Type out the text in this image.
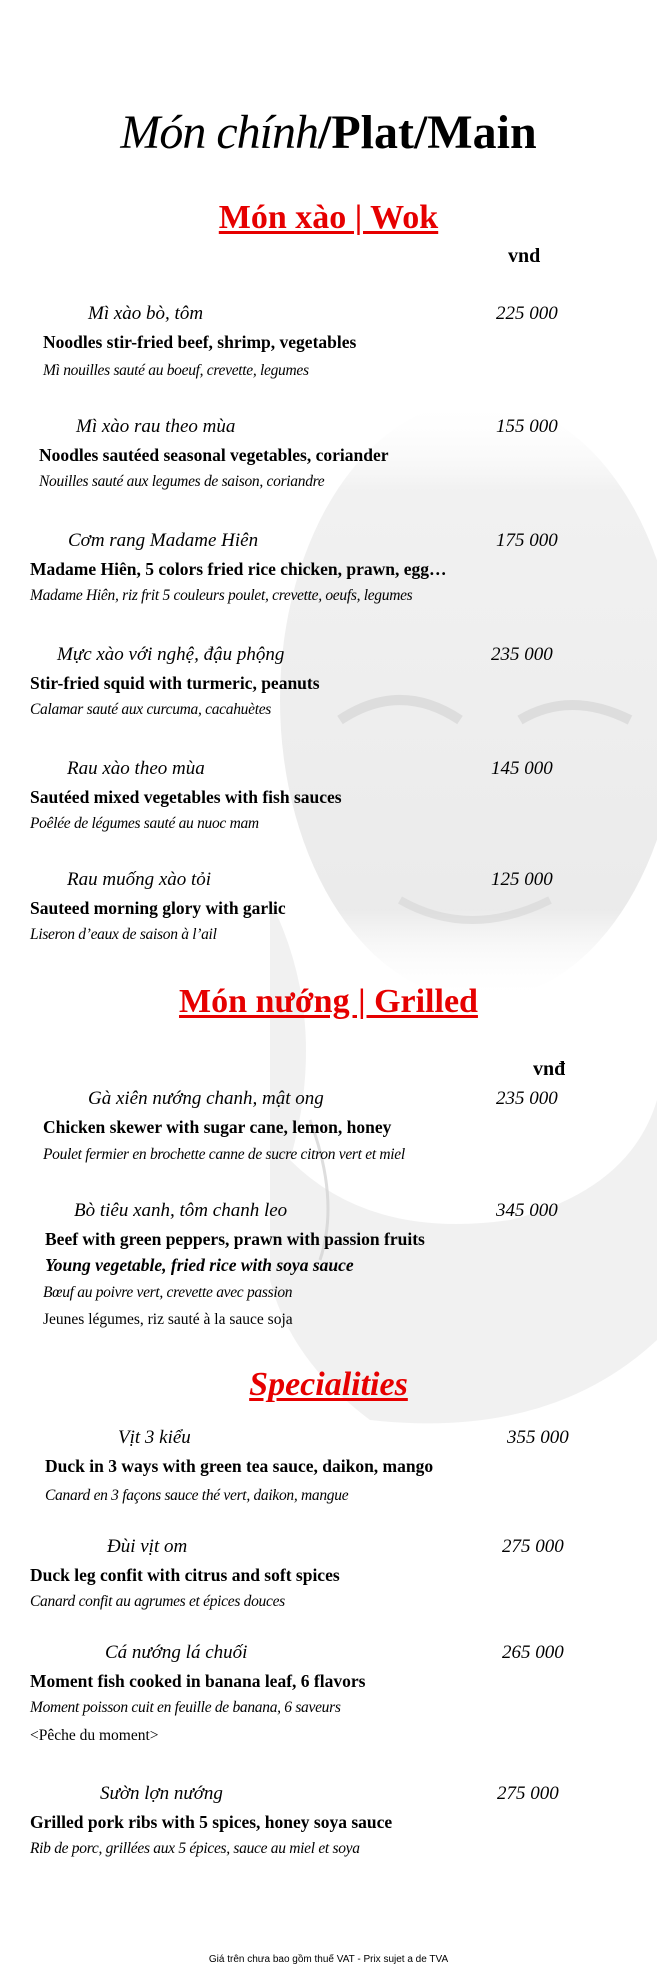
Món chính/Plat/Main
Món xào | Wok
vnd
Mì xào bò, tôm	225 000
Noodles stir-fried beef, shrimp, vegetables
Mì nouilles sauté au boeuf, crevette, legumes
Mì xào rau theo mùa	155 000
Noodles sautéed seasonal vegetables, coriander
Nouilles sauté aux legumes de saison, coriandre
Cơm rang Madame Hiên	175 000
Madame Hiên, 5 colors fried rice chicken, prawn, egg…
Madame Hiên, riz frit 5 couleurs poulet, crevette, oeufs, legumes
Mực xào với nghệ, đậu phộng	235 000
Stir-fried squid with turmeric, peanuts
Calamar sauté aux curcuma, cacahuètes
Rau xào theo mùa	145 000
Sautéed mixed vegetables with fish sauces
Poêlée de légumes sauté au nuoc mam
Rau muống xào tỏi	125 000
Sauteed morning glory with garlic
Liseron d’eaux de saison à l’ail
Món nướng | Grilled
vnđ
Gà xiên nướng chanh, mật ong	235 000
Chicken skewer with sugar cane, lemon, honey
Poulet fermier en brochette canne de sucre citron vert et miel
Bò tiêu xanh, tôm chanh leo	345 000
Beef with green peppers, prawn with passion fruits
Young vegetable, fried rice with soya sauce
Bœuf au poivre vert, crevette avec passion
Jeunes légumes, riz sauté à la sauce soja
Specialities
Vịt 3 kiểu	355 000
Duck in 3 ways with green tea sauce, daikon, mango
Canard en 3 façons sauce thé vert, daikon, mangue
Đùi vịt om	275 000
Duck leg confit with citrus and soft spices
Canard confit au agrumes et épices douces
Cá nướng lá chuối	265 000
Moment fish cooked in banana leaf, 6 flavors
Moment poisson cuit en feuille de banana, 6 saveurs
<Pêche du moment>
Sườn lợn nướng	275 000
Grilled pork ribs with 5 spices, honey soya sauce
Rib de porc, grillées aux 5 épices, sauce au miel et soya
Giá trên chưa bao gồm thuế VAT - Prix sujet a de TVA
